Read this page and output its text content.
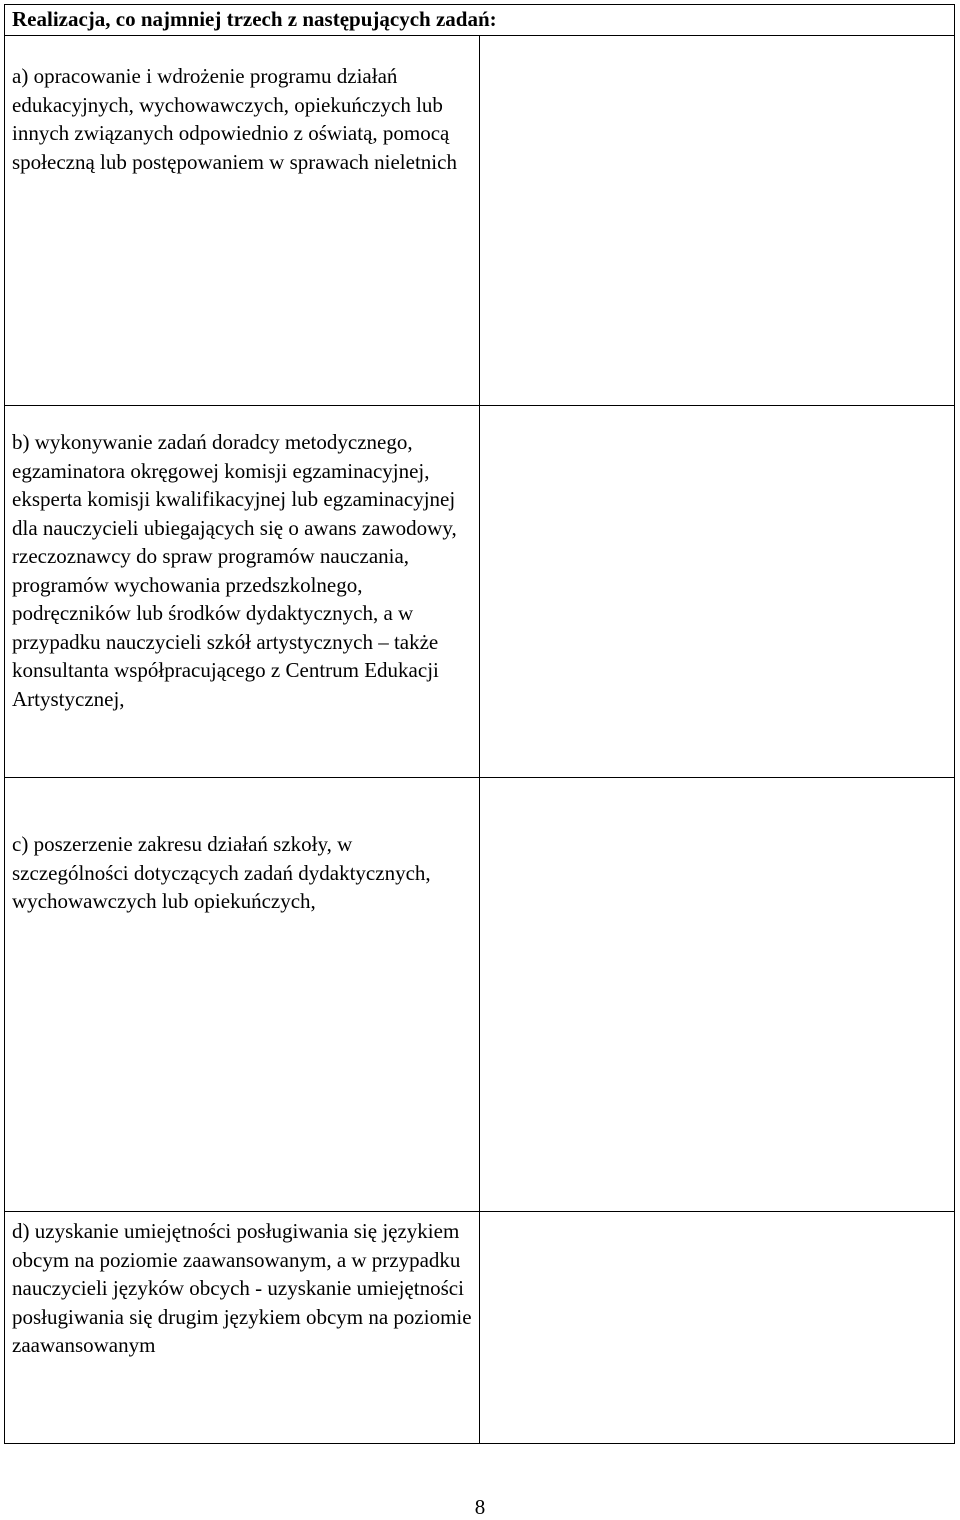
Realizacja, co najmniej trzech z następujących zadań:	

a) opracowanie i wdrożenie programu działań edukacyjnych, wychowawczych, opiekuńczych lub innych związanych odpowiednio z oświatą, pomocą społeczną lub postępowaniem w sprawach nieletnich	

b) wykonywanie zadań doradcy metodycznego, egzaminatora okręgowej komisji egzaminacyjnej, eksperta komisji kwalifikacyjnej lub egzaminacyjnej dla nauczycieli ubiegających się o awans zawodowy, rzeczoznawcy do spraw programów nauczania, programów wychowania przedszkolnego, podręczników lub środków dydaktycznych, a w przypadku nauczycieli szkół artystycznych – także konsultanta współpracującego z Centrum Edukacji Artystycznej,	

c) poszerzenie zakresu działań szkoły, w szczególności dotyczących zadań dydaktycznych, wychowawczych lub opiekuńczych,	

d) uzyskanie umiejętności posługiwania się językiem obcym na poziomie zaawansowanym, a w przypadku nauczycieli języków obcych - uzyskanie umiejętności posługiwania się drugim językiem obcym na poziomie zaawansowanym	

8
